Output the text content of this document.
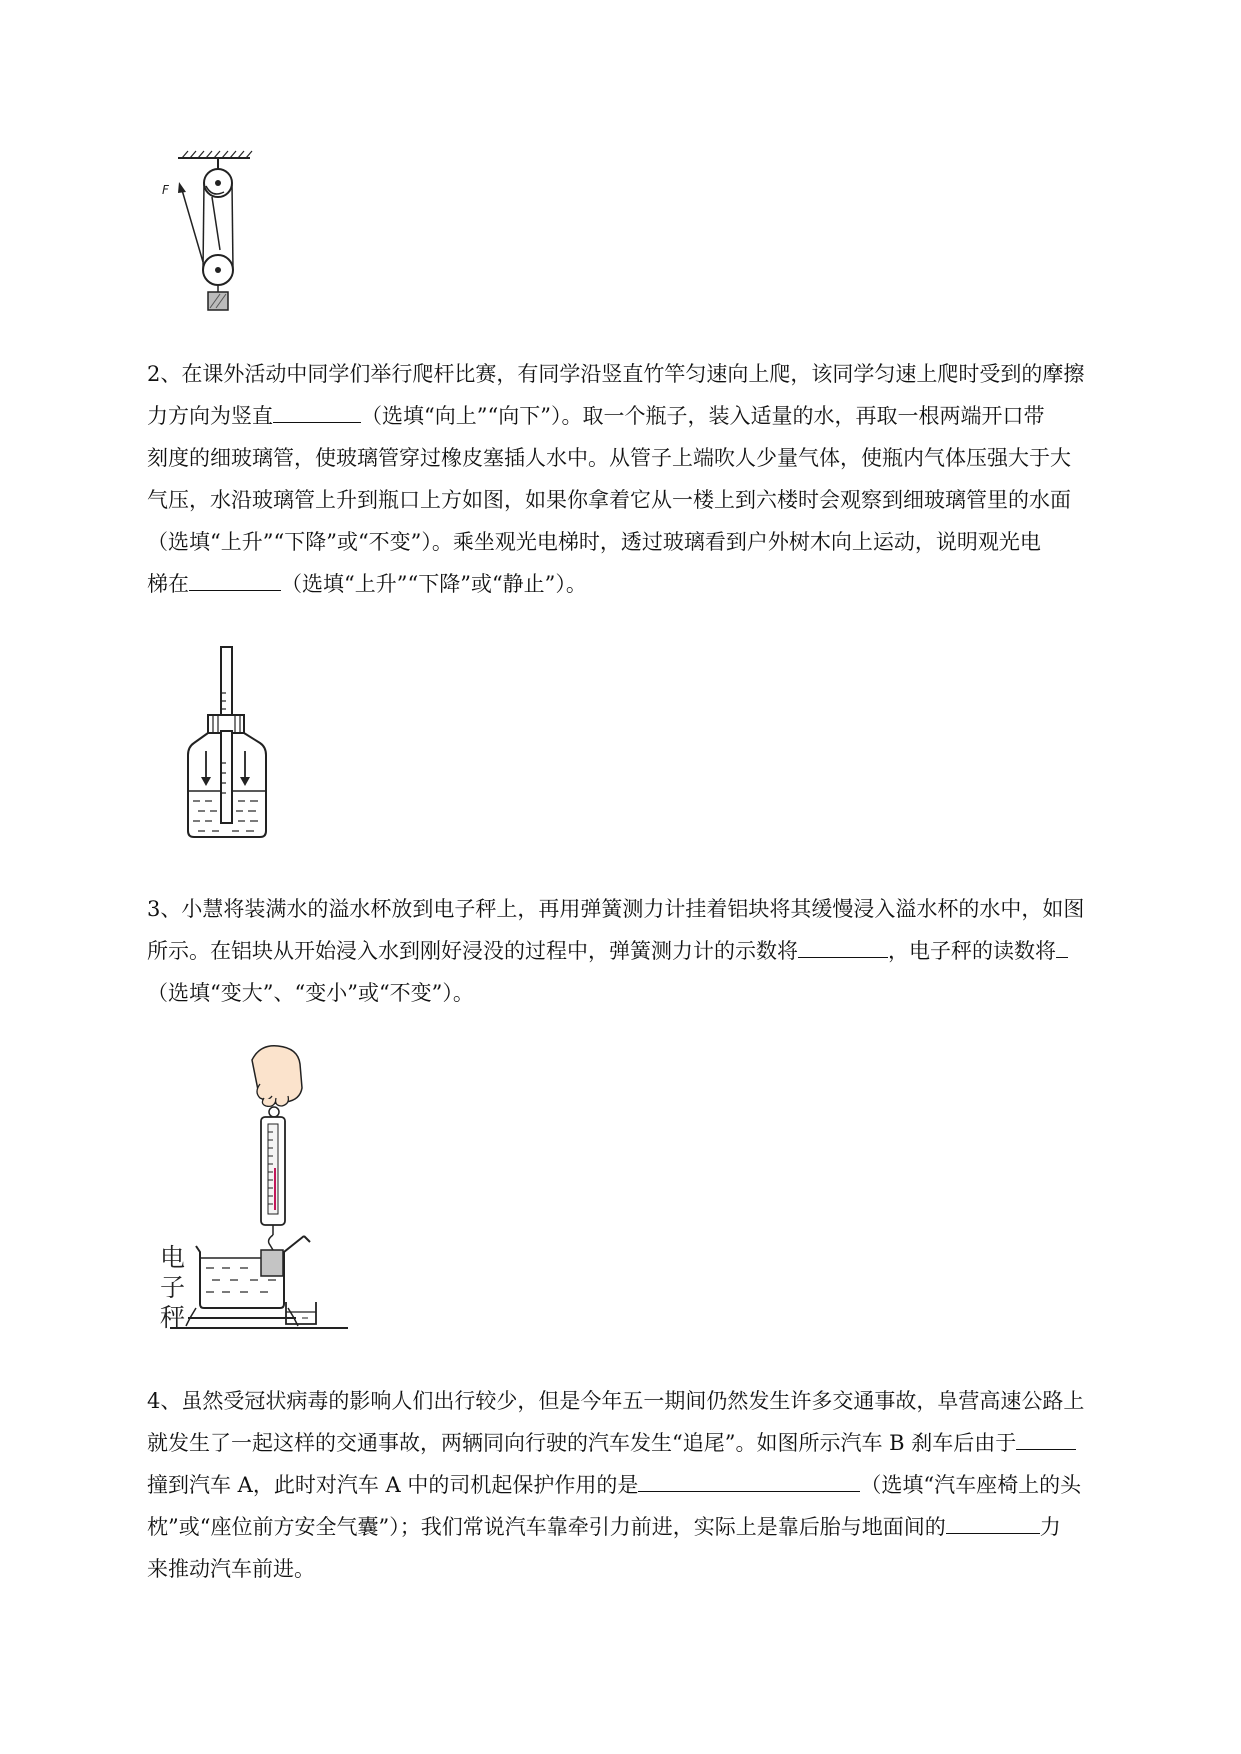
F
2、在课外活动中同学们举行爬杆比赛，有同学沿竖直竹竿匀速向上爬，该同学匀速上爬时受到的摩擦
力方向为竖直	（选填“向上”“向下”）。取一个瓶子，装入适量的水，再取一根两端开口带
刻度的细玻璃管，使玻璃管穿过橡皮塞插人水中。从管子上端吹人少量气体，使瓶内气体压强大于大
气压，水沿玻璃管上升到瓶口上方如图，如果你拿着它从一楼上到六楼时会观察到细玻璃管里的水面
（选填“上升”“下降”或“不变”）。乘坐观光电梯时，透过玻璃看到户外树木向上运动，说明观光电
梯在	（选填“上升”“下降”或“静止”）。
3、小慧将装满水的溢水杯放到电子秤上，再用弹簧测力计挂着铝块将其缓慢浸入溢水杯的水中，如图
所示。在铝块从开始浸入水到刚好浸没的过程中，弹簧测力计的示数将	，电子秤的读数将
（选填“变大”、“变小”或“不变”）。
电
子
秤
4、虽然受冠状病毒的影响人们出行较少，但是今年五一期间仍然发生许多交通事故，阜营高速公路上
就发生了一起这样的交通事故，两辆同向行驶的汽车发生“追尾”。如图所示汽车 B 刹车后由于
撞到汽车 A，此时对汽车 A 中的司机起保护作用的是	（选填“汽车座椅上的头
枕”或“座位前方安全气囊”）；我们常说汽车靠牵引力前进，实际上是靠后胎与地面间的	力
来推动汽车前进。
